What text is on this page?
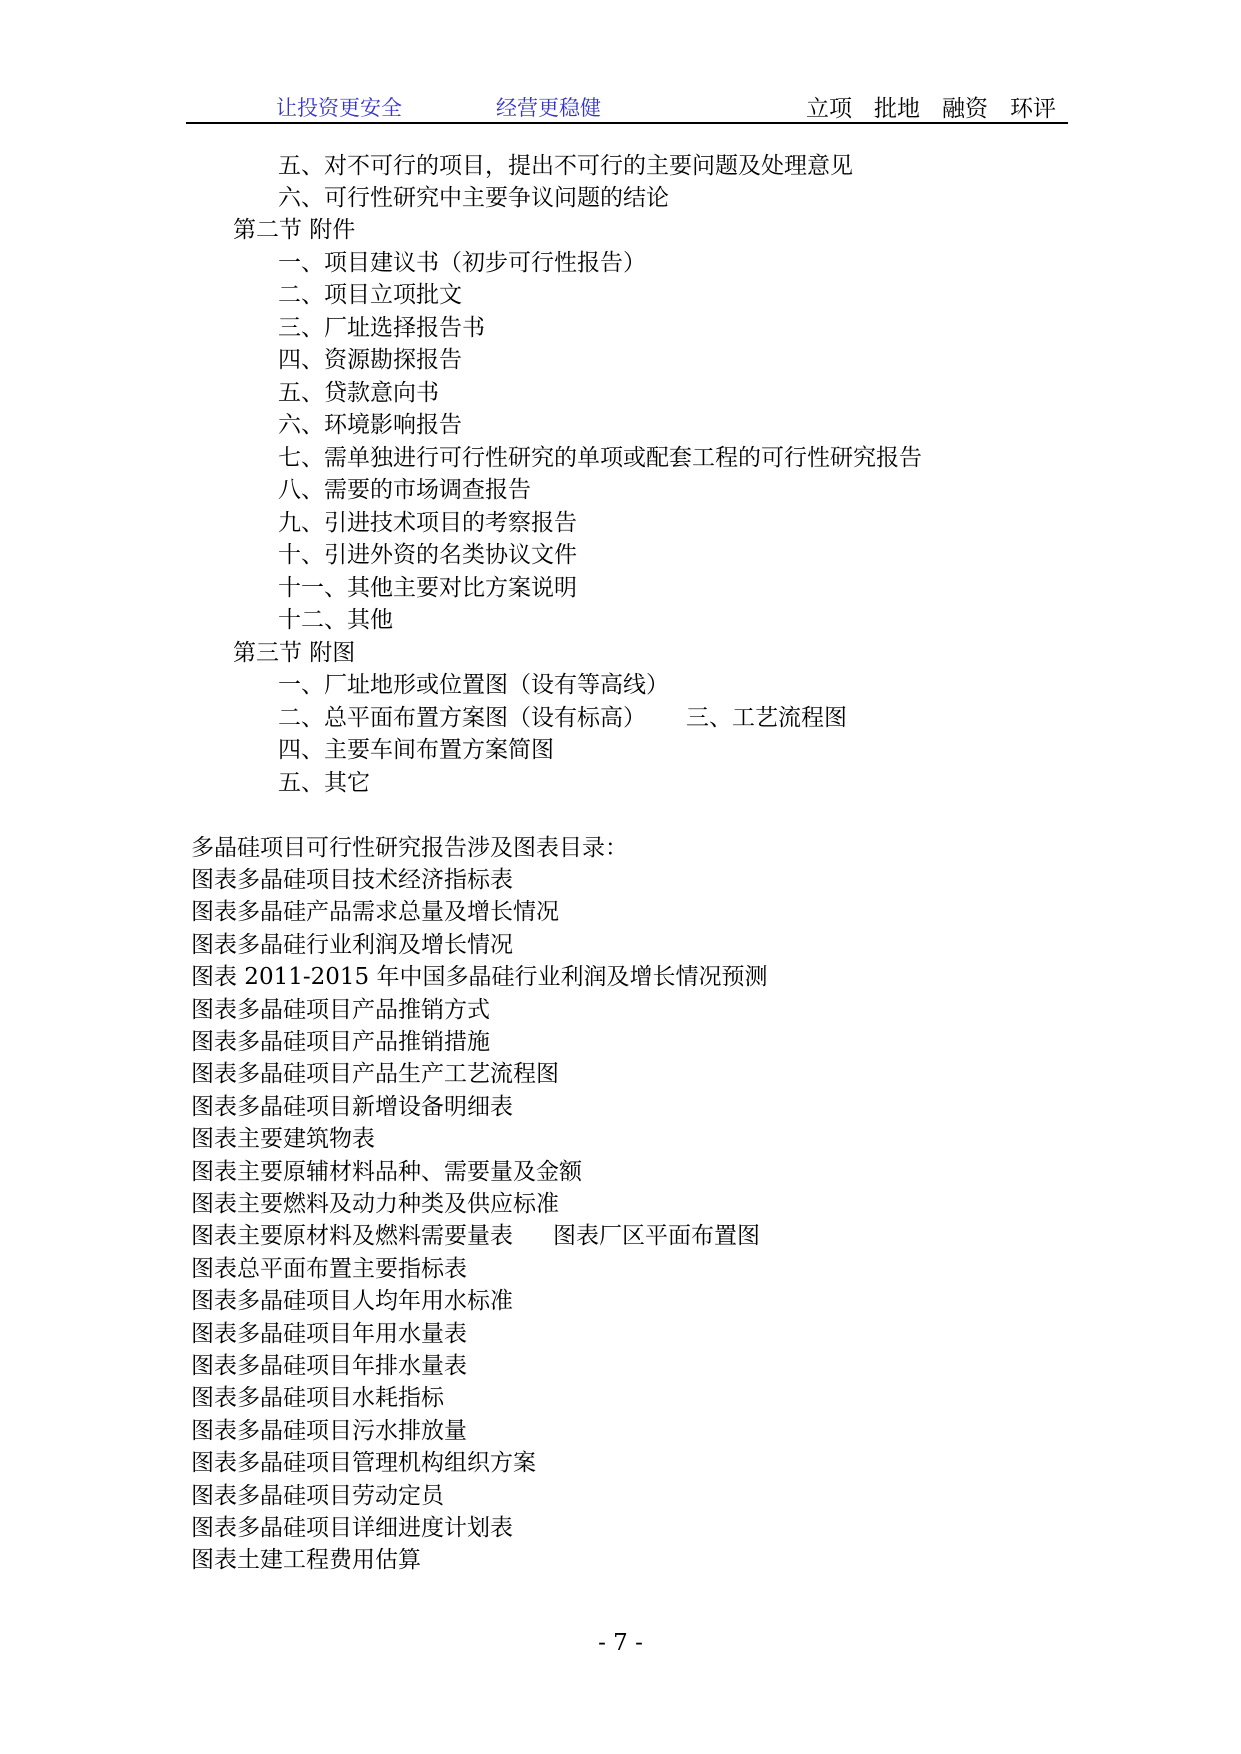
让投资更安全	经营更稳健	立项 批地 融资 环评
五、对不可行的项目，提出不可行的主要问题及处理意见
六、可行性研究中主要争议问题的结论
第二节 附件
一、项目建议书（初步可行性报告）
二、项目立项批文
三、厂址选择报告书
四、资源勘探报告
五、贷款意向书
六、环境影响报告
七、需单独进行可行性研究的单项或配套工程的可行性研究报告
八、需要的市场调查报告
九、引进技术项目的考察报告
十、引进外资的名类协议文件
十一、其他主要对比方案说明
十二、其他
第三节 附图
一、厂址地形或位置图（设有等高线）
二、总平面布置方案图（设有标高） 三、工艺流程图
四、主要车间布置方案简图
五、其它
多晶硅项目可行性研究报告涉及图表目录：
图表多晶硅项目技术经济指标表
图表多晶硅产品需求总量及增长情况
图表多晶硅行业利润及增长情况
图表 2011-2015 年中国多晶硅行业利润及增长情况预测
图表多晶硅项目产品推销方式
图表多晶硅项目产品推销措施
图表多晶硅项目产品生产工艺流程图
图表多晶硅项目新增设备明细表
图表主要建筑物表
图表主要原辅材料品种、需要量及金额
图表主要燃料及动力种类及供应标准
图表主要原材料及燃料需要量表 图表厂区平面布置图
图表总平面布置主要指标表
图表多晶硅项目人均年用水标准
图表多晶硅项目年用水量表
图表多晶硅项目年排水量表
图表多晶硅项目水耗指标
图表多晶硅项目污水排放量
图表多晶硅项目管理机构组织方案
图表多晶硅项目劳动定员
图表多晶硅项目详细进度计划表
图表土建工程费用估算
- 7 -
